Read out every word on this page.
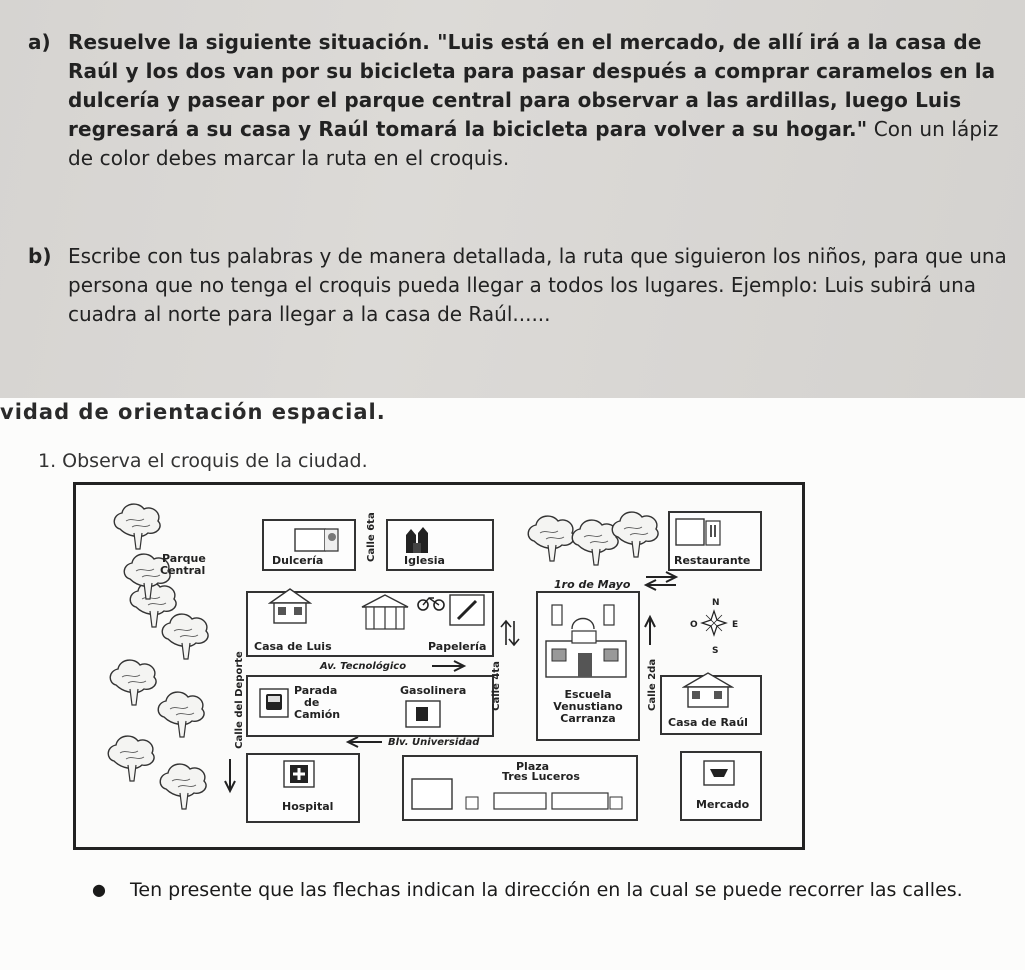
a) Resuelve la siguiente situación. "Luis está en el mercado, de allí irá a la casa de Raúl y los dos van por su bicicleta para pasar después a comprar caramelos en la dulcería y pasear por el parque central para observar a las ardillas, luego Luis regresará a su casa y Raúl tomará la bicicleta para volver a su hogar." Con un lápiz de color debes marcar la ruta en el croquis.
b) Escribe con tus palabras y de manera detallada, la ruta que siguieron los niños, para que una persona que no tenga el croquis pueda llegar a todos los lugares. Ejemplo: Luis subirá una cuadra al norte para llegar a la casa de Raúl......
vidad de orientación espacial.
1. Observa el croquis de la ciudad.
Parque
Central
Dulcería	Calle 6ta Iglesia	Restaurante
1ro de Mayo
Casa de Luis	Papelería
Escuela
Venustiano
Carranza
N
S
E
O
Av. Tecnológico
Parada
de
Camión
Gasolinera Calle 4ta	Calle 2da
Casa de Raúl
Blv. Universidad
Calle del Deporte
Hospital
Plaza
Tres Luceros
Mercado
●	Ten presente que las flechas indican la dirección en la cual se puede recorrer las calles.
